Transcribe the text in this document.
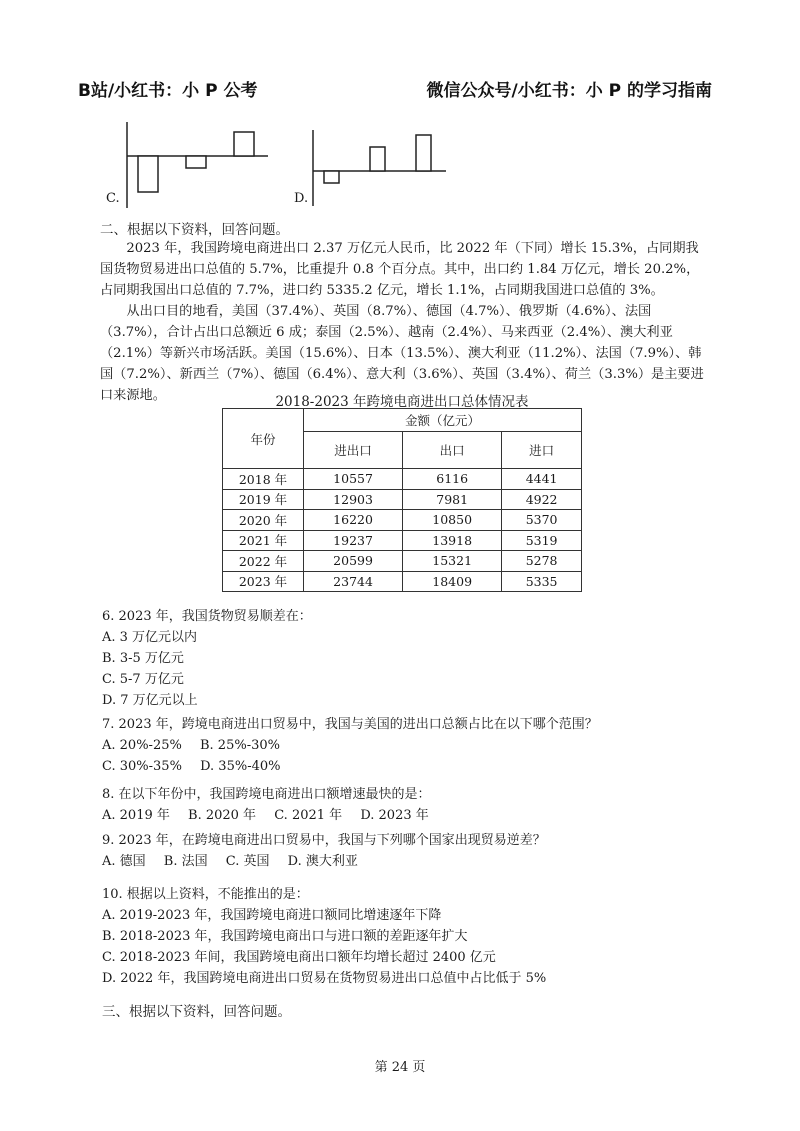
B站/小红书：小 P 公考	微信公众号/小红书：小 P 的学习指南
C.	D.
二、根据以下资料，回答问题。

2023 年，我国跨境电商进出口 2.37 万亿元人民币，比 2022 年（下同）增长 15.3%，占同期我国货物贸易进出口总值的 5.7%，比重提升 0.8 个百分点。其中，出口约 1.84 万亿元，增长 20.2%，占同期我国出口总值的 7.7%，进口约 5335.2 亿元，增长 1.1%，占同期我国进口总值的 3%。

从出口目的地看，美国（37.4%）、英国（8.7%）、德国（4.7%）、俄罗斯（4.6%）、法国（3.7%），合计占出口总额近 6 成；泰国（2.5%）、越南（2.4%）、马来西亚（2.4%）、澳大利亚（2.1%）等新兴市场活跃。美国（15.6%）、日本（13.5%）、澳大利亚（11.2%）、法国（7.9%）、韩国（7.2%）、新西兰（7%）、德国（6.4%）、意大利（3.6%）、英国（3.4%）、荷兰（3.3%）是主要进口来源地。	2018-2023 年跨境电商进出口总体情况表
年份	金额（亿元）		
	进出口	出口	进口
2018 年	10557	6116	4441
2019 年	12903	7981	4922
2020 年	16220	10850	5370
2021 年	19237	13918	5319
2022 年	20599	15321	5278
2023 年	23744	18409	5335
6. 2023 年，我国货物贸易顺差在：
A. 3 万亿元以内
B. 3-5 万亿元
C. 5-7 万亿元
D. 7 万亿元以上
7. 2023 年，跨境电商进出口贸易中，我国与美国的进出口总额占比在以下哪个范围？
A. 20%-25% B. 25%-30%
C. 30%-35% D. 35%-40%
8. 在以下年份中，我国跨境电商进出口额增速最快的是：
A. 2019 年 B. 2020 年 C. 2021 年 D. 2023 年
9. 2023 年，在跨境电商进出口贸易中，我国与下列哪个国家出现贸易逆差？
A. 德国 B. 法国 C. 英国 D. 澳大利亚
10. 根据以上资料，不能推出的是：
A. 2019-2023 年，我国跨境电商进口额同比增速逐年下降
B. 2018-2023 年，我国跨境电商出口与进口额的差距逐年扩大
C. 2018-2023 年间，我国跨境电商出口额年均增长超过 2400 亿元
D. 2022 年，我国跨境电商进出口贸易在货物贸易进出口总值中占比低于 5%
三、根据以下资料，回答问题。
第 24 页
